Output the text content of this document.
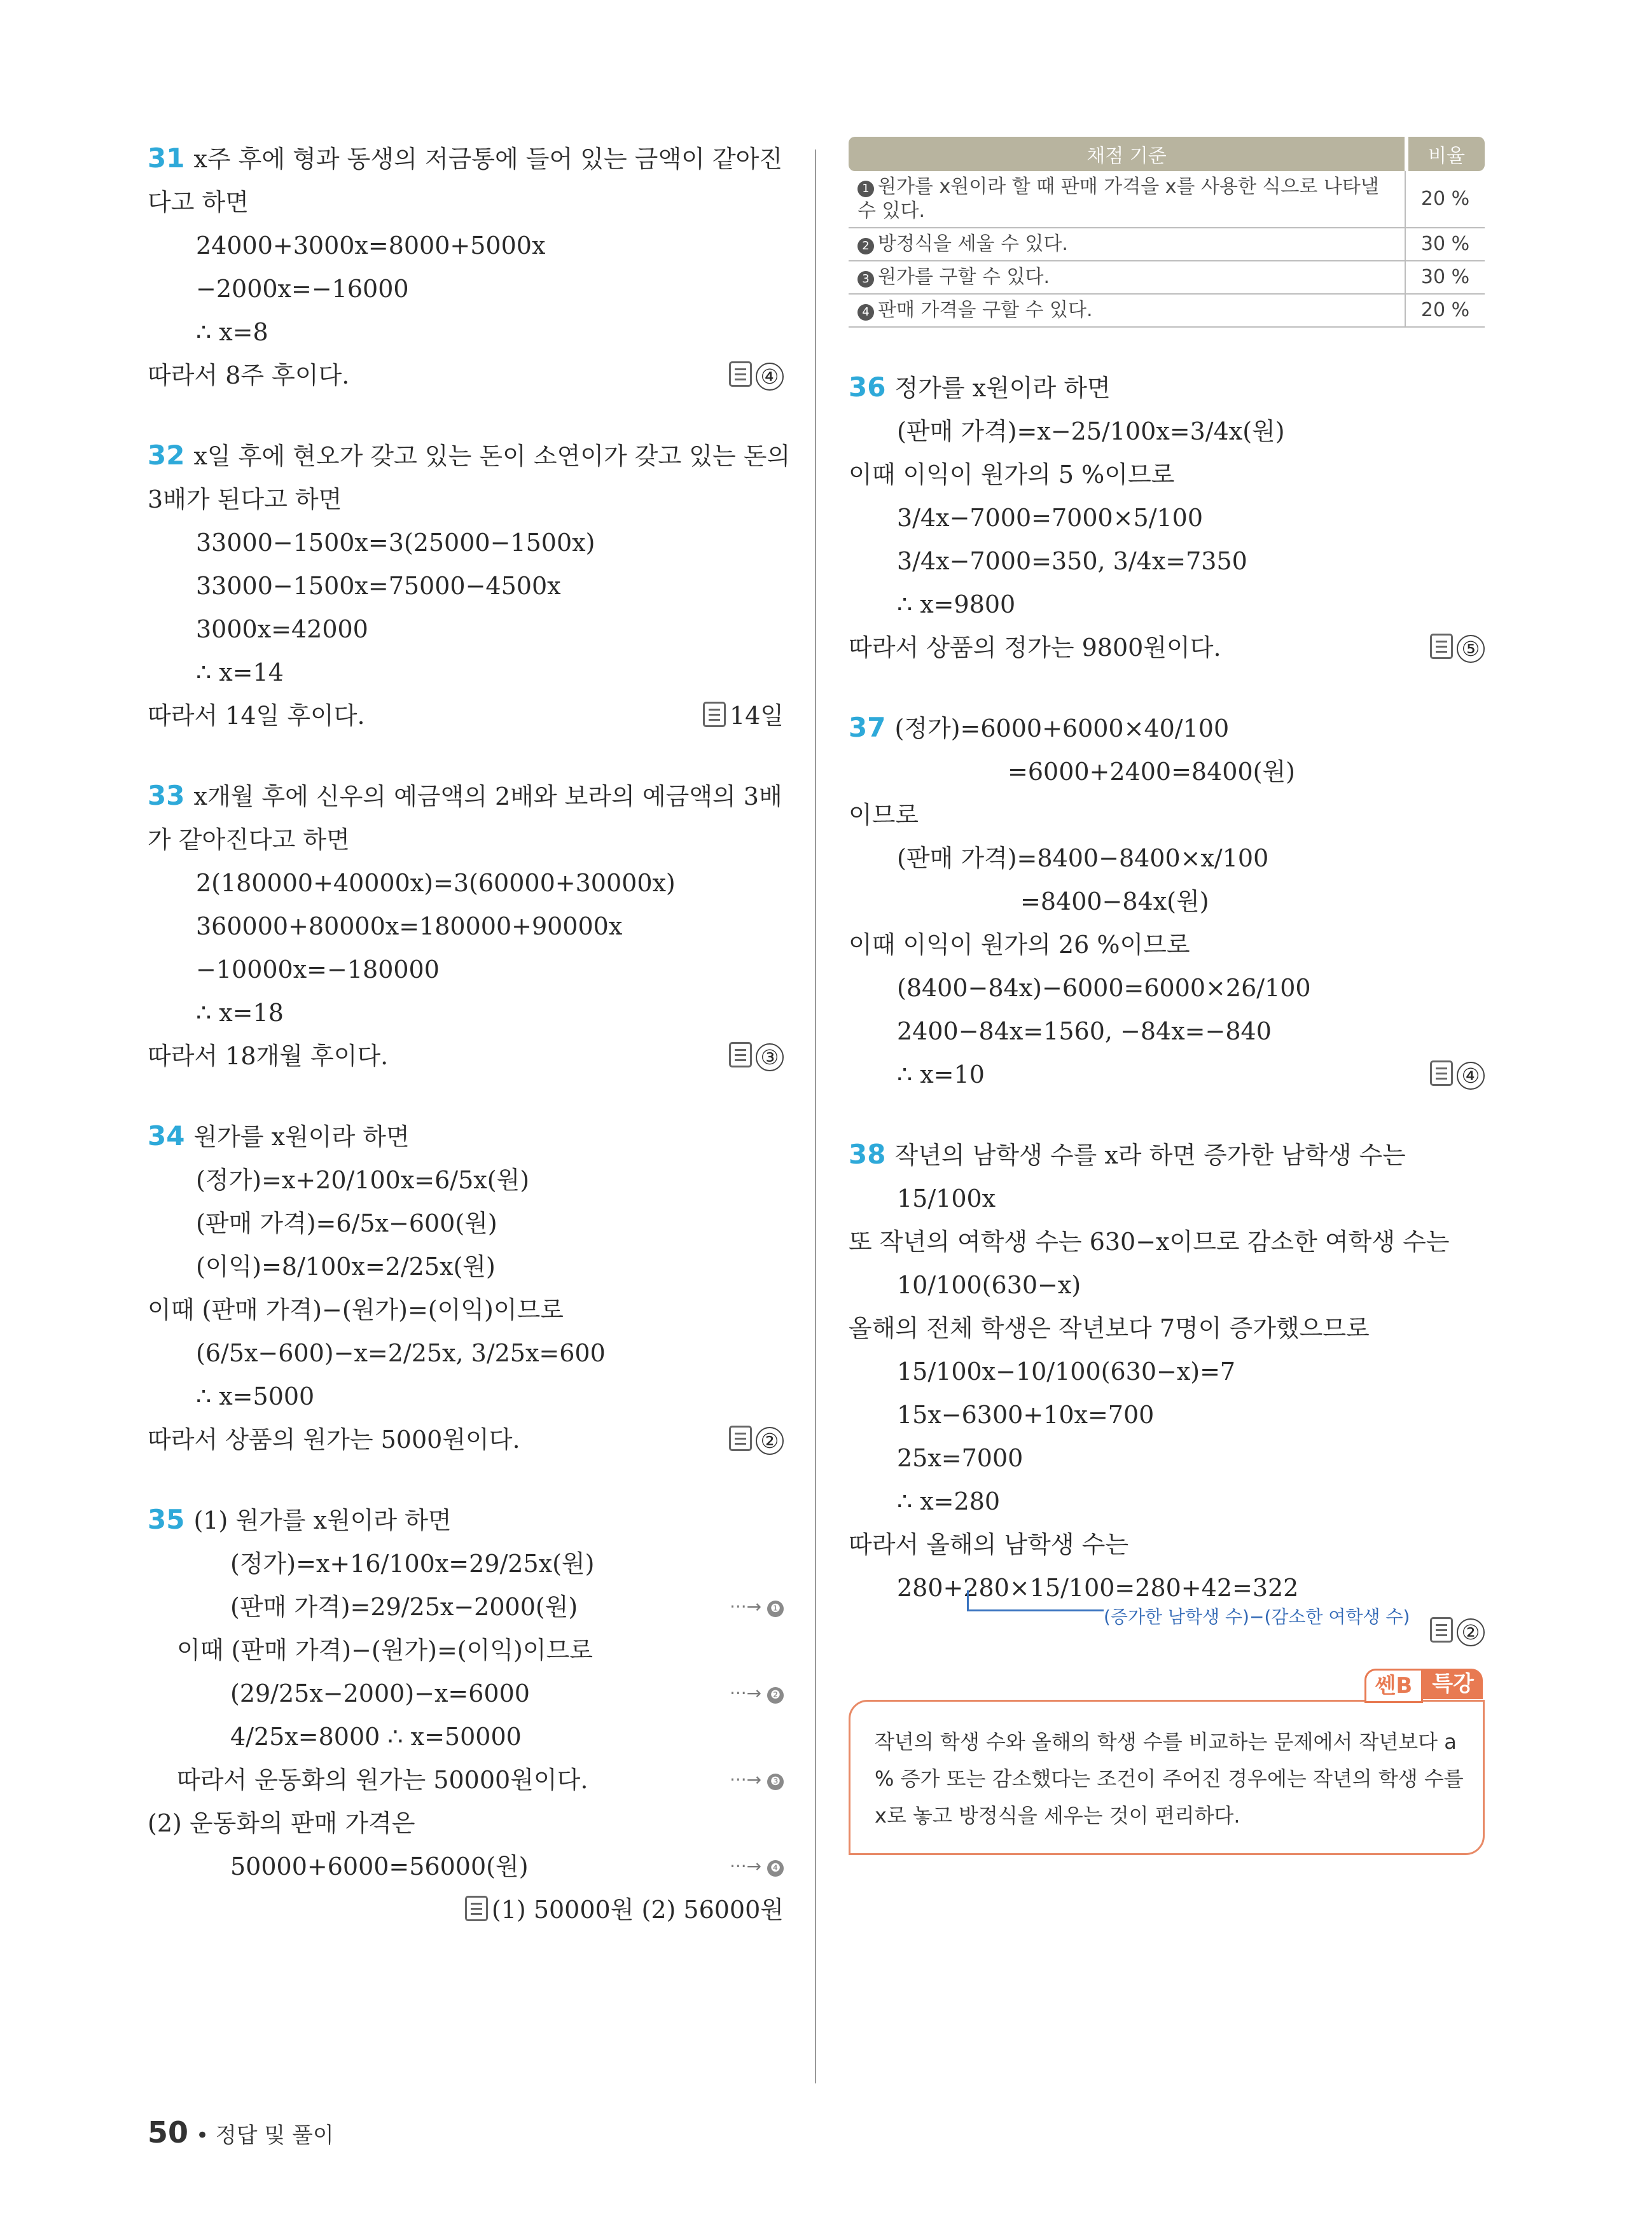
31 x주 후에 형과 동생의 저금통에 들어 있는 금액이 같아진
다고 하면
24000+3000x=8000+5000x
−2000x=−16000
∴ x=8
따라서 8주 후이다.	④
32 x일 후에 현오가 갖고 있는 돈이 소연이가 갖고 있는 돈의
3배가 된다고 하면
33000−1500x=3(25000−1500x)
33000−1500x=75000−4500x
3000x=42000
∴ x=14
따라서 14일 후이다.	14일
33 x개월 후에 신우의 예금액의 2배와 보라의 예금액의 3배
가 같아진다고 하면
2(180000+40000x)=3(60000+30000x)
360000+80000x=180000+90000x
−10000x=−180000
∴ x=18
따라서 18개월 후이다.	③
34 원가를 x원이라 하면
(정가)=x+20/100x=6/5x(원)
(판매 가격)=6/5x−600(원)
(이익)=8/100x=2/25x(원)
이때 (판매 가격)−(원가)=(이익)이므로
(6/5x−600)−x=2/25x, 3/25x=600
∴ x=5000
따라서 상품의 원가는 5000원이다.	②
35 (1) 원가를 x원이라 하면
(정가)=x+16/100x=29/25x(원)
(판매 가격)=29/25x−2000(원)	···→ ❶
이때 (판매 가격)−(원가)=(이익)이므로
(29/25x−2000)−x=6000	···→ ❷
4/25x=8000 ∴ x=50000
따라서 운동화의 원가는 50000원이다.	···→ ❸
(2) 운동화의 판매 가격은
50000+6000=56000(원)	···→ ❹
(1) 50000원 (2) 56000원

채점 기준	비율
1 원가를 x원이라 할 때 판매 가격을 x를 사용한 식으로 나타낼 수 있다.	20 %
2 방정식을 세울 수 있다.	30 %
3 원가를 구할 수 있다.	30 %
4 판매 가격을 구할 수 있다.	20 %
36 정가를 x원이라 하면
(판매 가격)=x−25/100x=3/4x(원)
이때 이익이 원가의 5 %이므로
3/4x−7000=7000×5/100
3/4x−7000=350, 3/4x=7350
∴ x=9800
따라서 상품의 정가는 9800원이다.	⑤
37 (정가)=6000+6000×40/100
=6000+2400=8400(원)
이므로
(판매 가격)=8400−8400×x/100
=8400−84x(원)
이때 이익이 원가의 26 %이므로
(8400−84x)−6000=6000×26/100
2400−84x=1560, −84x=−840
∴ x=10	④
38 작년의 남학생 수를 x라 하면 증가한 남학생 수는
15/100x
또 작년의 여학생 수는 630−x이므로 감소한 여학생 수는
10/100(630−x)
올해의 전체 학생은 작년보다 7명이 증가했으므로
15/100x−10/100(630−x)=7
15x−6300+10x=700
25x=7000
∴ x=280
따라서 올해의 남학생 수는
280+280×15/100=280+42=322
②

쎈B 특강
작년의 학생 수와 올해의 학생 수를 비교하는 문제에서 작년보다 a % 증가 또는 감소했다는 조건이 주어진 경우에는 작년의 학생 수를 x로 놓고 방정식을 세우는 것이 편리하다.
(증가한 남학생 수)−(감소한 여학생 수)
50 • 정답 및 풀이
